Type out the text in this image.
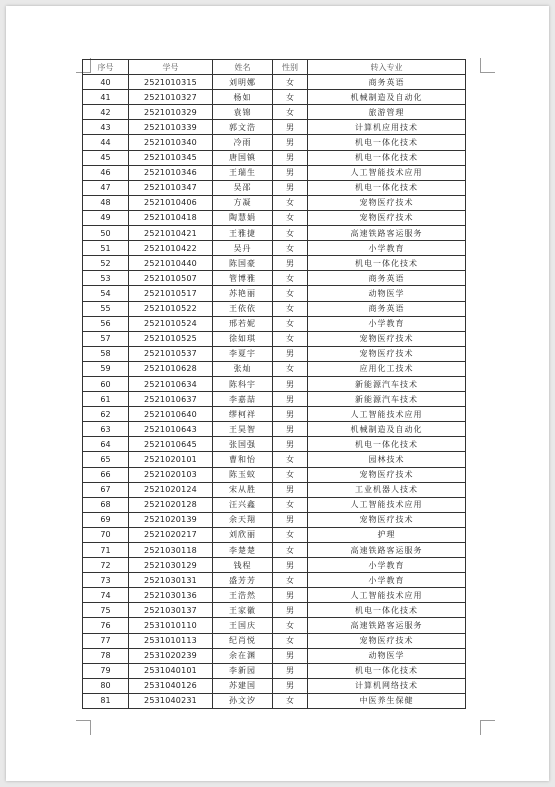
序号	学号	姓名	性别	转入专业
40	2521010315	刘明娜	女	商务英语
41	2521010327	杨如	女	机械制造及自动化
42	2521010329	袁锦	女	旅游管理
43	2521010339	郭文浩	男	计算机应用技术
44	2521010340	冷雨	男	机电一体化技术
45	2521010345	唐国镇	男	机电一体化技术
46	2521010346	王瑞生	男	人工智能技术应用
47	2521010347	吴邵	男	机电一体化技术
48	2521010406	方凝	女	宠物医疗技术
49	2521010418	陶慧娟	女	宠物医疗技术
50	2521010421	王雅捷	女	高速铁路客运服务
51	2521010422	吴丹	女	小学教育
52	2521010440	陈国豪	男	机电一体化技术
53	2521010507	管博雅	女	商务英语
54	2521010517	苏艳丽	女	动物医学
55	2521010522	王依依	女	商务英语
56	2521010524	邢若妮	女	小学教育
57	2521010525	徐如琪	女	宠物医疗技术
58	2521010537	李夏宇	男	宠物医疗技术
59	2521010628	张灿	女	应用化工技术
60	2521010634	陈科宇	男	新能源汽车技术
61	2521010637	李嘉喆	男	新能源汽车技术
62	2521010640	缪柯祥	男	人工智能技术应用
63	2521010643	王昊智	男	机械制造及自动化
64	2521010645	张国强	男	机电一体化技术
65	2521020101	曹和怡	女	园林技术
66	2521020103	陈玉蚊	女	宠物医疗技术
67	2521020124	宋从胜	男	工业机器人技术
68	2521020128	汪兴鑫	女	人工智能技术应用
69	2521020139	余天翔	男	宠物医疗技术
70	2521020217	刘欣丽	女	护理
71	2521030118	李楚楚	女	高速铁路客运服务
72	2521030129	钱程	男	小学教育
73	2521030131	盛芳芳	女	小学教育
74	2521030136	王浩然	男	人工智能技术应用
75	2521030137	王家徽	男	机电一体化技术
76	2531010110	王国庆	女	高速铁路客运服务
77	2531010113	纪肖悦	女	宠物医疗技术
78	2531020239	余在渊	男	动物医学
79	2531040101	李新园	男	机电一体化技术
80	2531040126	苏建国	男	计算机网络技术
81	2531040231	孙文汐	女	中医养生保健
